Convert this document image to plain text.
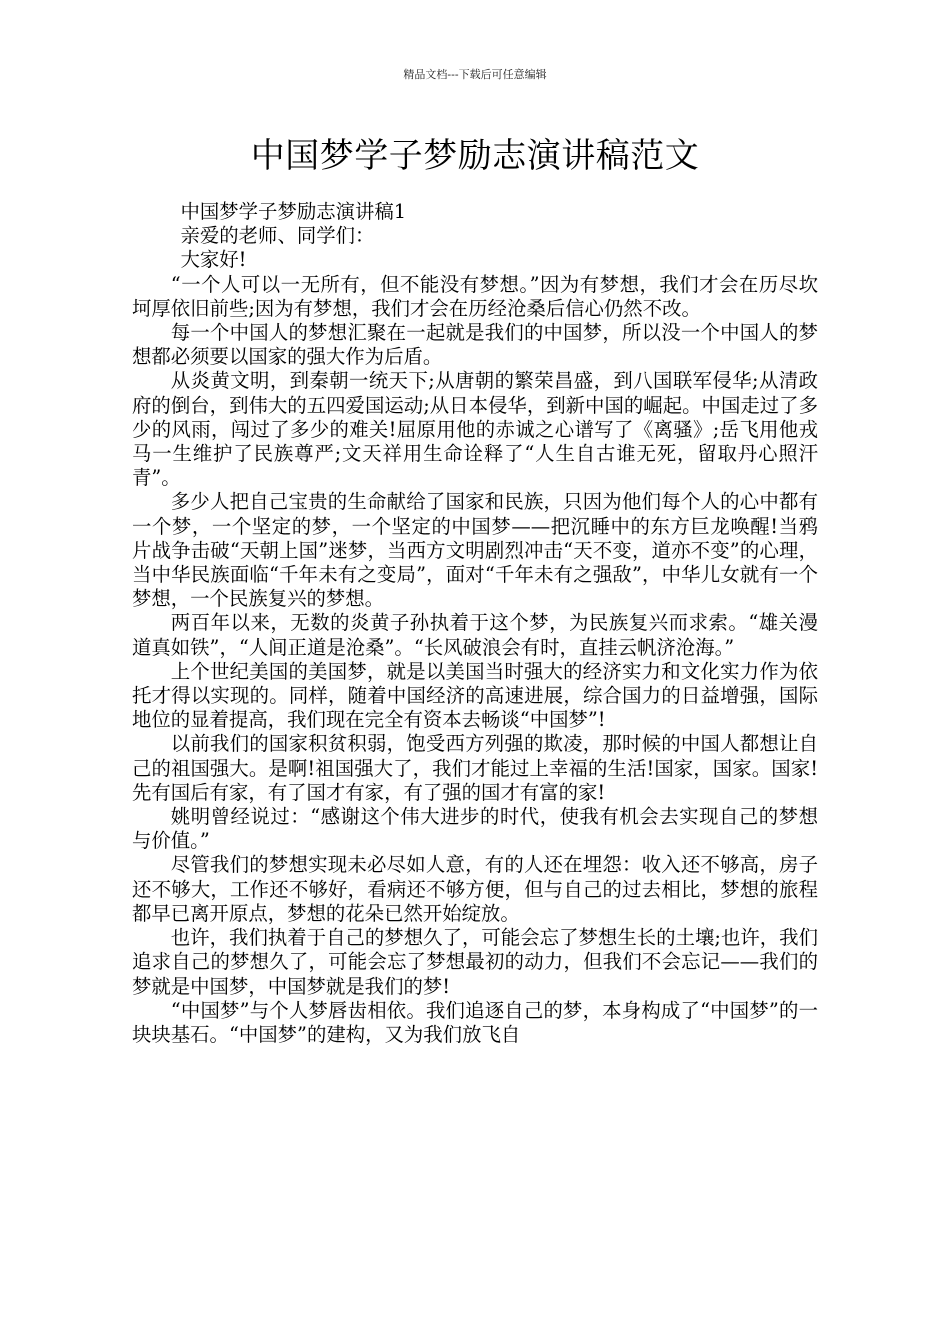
精品文档---下载后可任意编辑
中国梦学子梦励志演讲稿范文

中国梦学子梦励志演讲稿1

亲爱的老师、同学们：

大家好!

“一个人可以一无所有，但不能没有梦想。”因为有梦想，我们才会在历尽坎坷厚依旧前些;因为有梦想，我们才会在历经沧桑后信心仍然不改。

每一个中国人的梦想汇聚在一起就是我们的中国梦，所以没一个中国人的梦想都必须要以国家的强大作为后盾。

从炎黄文明，到秦朝一统天下;从唐朝的繁荣昌盛，到八国联军侵华;从清政府的倒台，到伟大的五四爱国运动;从日本侵华，到新中国的崛起。中国走过了多少的风雨，闯过了多少的难关!屈原用他的赤诚之心谱写了《离骚》;岳飞用他戎马一生维护了民族尊严;文天祥用生命诠释了“人生自古谁无死，留取丹心照汗青”。

多少人把自己宝贵的生命献给了国家和民族，只因为他们每个人的心中都有一个梦，一个坚定的梦，一个坚定的中国梦——把沉睡中的东方巨龙唤醒!当鸦片战争击破“天朝上国”迷梦，当西方文明剧烈冲击“天不变，道亦不变”的心理，当中华民族面临“千年未有之变局”，面对“千年未有之强敌”，中华儿女就有一个梦想，一个民族复兴的梦想。

两百年以来，无数的炎黄子孙执着于这个梦，为民族复兴而求索。“雄关漫道真如铁”，“人间正道是沧桑”。“长风破浪会有时，直挂云帆济沧海。”

上个世纪美国的美国梦，就是以美国当时强大的经济实力和文化实力作为依托才得以实现的。同样，随着中国经济的高速进展，综合国力的日益增强，国际地位的显着提高，我们现在完全有资本去畅谈“中国梦”!

以前我们的国家积贫积弱，饱受西方列强的欺凌，那时候的中国人都想让自己的祖国强大。是啊!祖国强大了，我们才能过上幸福的生活!国家，国家。国家!先有国后有家，有了国才有家，有了强的国才有富的家!

姚明曾经说过：“感谢这个伟大进步的时代，使我有机会去实现自己的梦想与价值。”

尽管我们的梦想实现未必尽如人意，有的人还在埋怨：收入还不够高，房子还不够大，工作还不够好，看病还不够方便，但与自己的过去相比，梦想的旅程都早已离开原点，梦想的花朵已然开始绽放。

也许，我们执着于自己的梦想久了，可能会忘了梦想生长的土壤;也许，我们追求自己的梦想久了，可能会忘了梦想最初的动力，但我们不会忘记——我们的梦就是中国梦，中国梦就是我们的梦!

“中国梦”与个人梦唇齿相依。我们追逐自己的梦，本身构成了“中国梦”的一块块基石。“中国梦”的建构，又为我们放飞自
